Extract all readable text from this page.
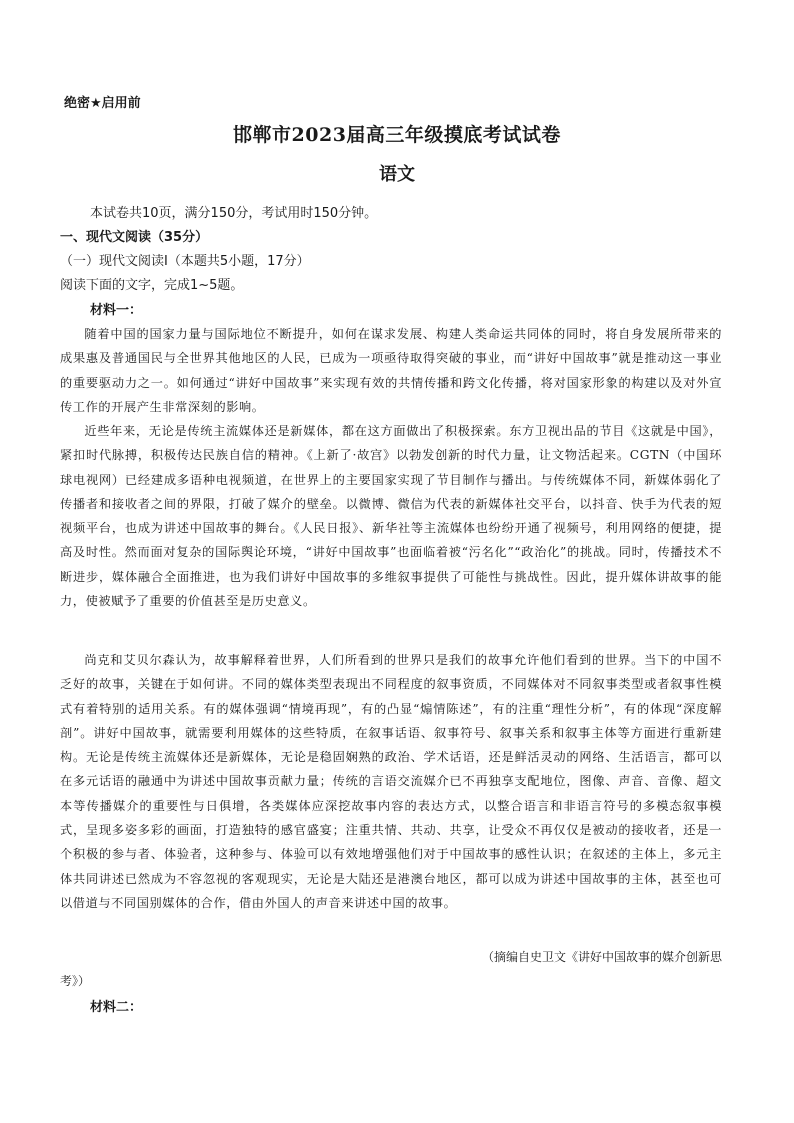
绝密★启用前
邯郸市2023届高三年级摸底考试试卷
语文
本试卷共10页，满分150分，考试用时150分钟。
一、现代文阅读（35分）
（一）现代文阅读Ⅰ（本题共5小题，17分）
阅读下面的文字，完成1~5题。
材料一：

随着中国的国家力量与国际地位不断提升，如何在谋求发展、构建人类命运共同体的同时，将自身发展所带来的成果惠及普通国民与全世界其他地区的人民，已成为一项亟待取得突破的事业，而“讲好中国故事”就是推动这一事业的重要驱动力之一。如何通过“讲好中国故事”来实现有效的共情传播和跨文化传播，将对国家形象的构建以及对外宣传工作的开展产生非常深刻的影响。

近些年来，无论是传统主流媒体还是新媒体，都在这方面做出了积极探索。东方卫视出品的节目《这就是中国》，紧扣时代脉搏，积极传达民族自信的精神。《上新了·故宫》以勃发创新的时代力量，让文物活起来。CGTN（中国环球电视网）已经建成多语种电视频道，在世界上的主要国家实现了节目制作与播出。与传统媒体不同，新媒体弱化了传播者和接收者之间的界限，打破了媒介的壁垒。以微博、微信为代表的新媒体社交平台，以抖音、快手为代表的短视频平台，也成为讲述中国故事的舞台。《人民日报》、新华社等主流媒体也纷纷开通了视频号，利用网络的便捷，提高及时性。然而面对复杂的国际舆论环境，“讲好中国故事”也面临着被“污名化”“政治化”的挑战。同时，传播技术不断进步，媒体融合全面推进，也为我们讲好中国故事的多维叙事提供了可能性与挑战性。因此，提升媒体讲故事的能力，使被赋予了重要的价值甚至是历史意义。

尚克和艾贝尔森认为，故事解释着世界，人们所看到的世界只是我们的故事允许他们看到的世界。当下的中国不乏好的故事，关键在于如何讲。不同的媒体类型表现出不同程度的叙事资质，不同媒体对不同叙事类型或者叙事性模式有着特别的适用关系。有的媒体强调“情境再现”，有的凸显“煽情陈述”，有的注重“理性分析”，有的体现“深度解剖”。讲好中国故事，就需要利用媒体的这些特质，在叙事话语、叙事符号、叙事关系和叙事主体等方面进行重新建构。无论是传统主流媒体还是新媒体，无论是稳固娴熟的政治、学术话语，还是鲜活灵动的网络、生活语言，都可以在多元话语的融通中为讲述中国故事贡献力量；传统的言语交流媒介已不再独享支配地位，图像、声音、音像、超文本等传播媒介的重要性与日俱增，各类媒体应深挖故事内容的表达方式，以整合语言和非语言符号的多模态叙事模式，呈现多姿多彩的画面，打造独特的感官盛宴；注重共情、共动、共享，让受众不再仅仅是被动的接收者，还是一个积极的参与者、体验者，这种参与、体验可以有效地增强他们对于中国故事的感性认识；在叙述的主体上，多元主体共同讲述已然成为不容忽视的客观现实，无论是大陆还是港澳台地区，都可以成为讲述中国故事的主体，甚至也可以借道与不同国别媒体的合作，借由外国人的声音来讲述中国的故事。

（摘编自史卫文《讲好中国故事的媒介创新思
考》）
材料二：
